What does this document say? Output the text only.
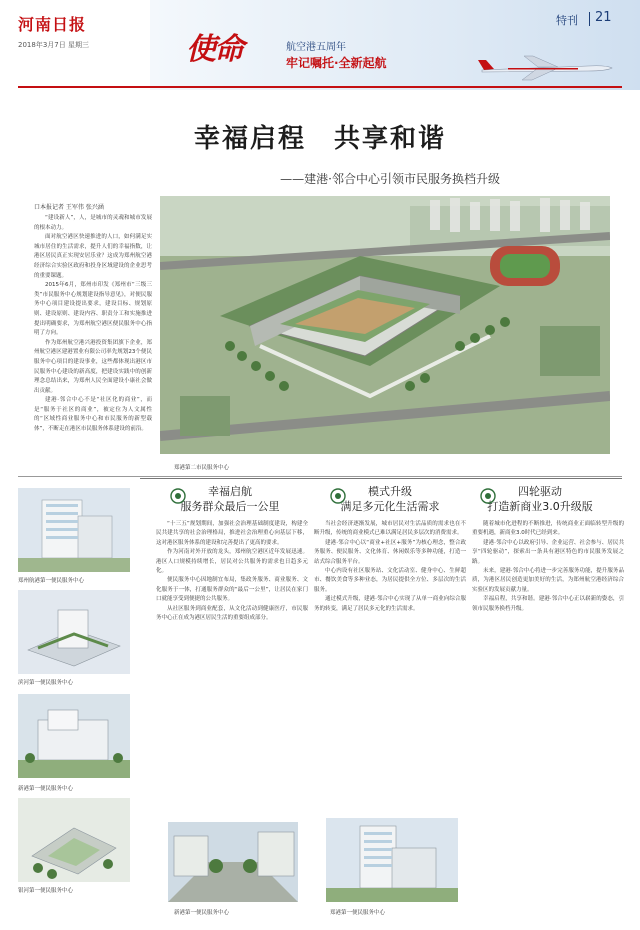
河南日报
2018年3月7日 星期三	使命	航空港五周年
牢记嘱托·全新起航
特刊 21
幸福启程　共享和谐
——建港·邻合中心引领市民服务换档升级
口本报记者 王军伟 张兴涵

“建设新人”，人，是城市的灵魂和城市发展的根本动力。

面对航空港区快速推进的人口，如何满足实城市居住的生活需求，提升人们的幸福指数，让港区居民真正实现安居乐业？这成为郑州航空港经济综合实验区政府和投身区域建设的企业思考的重要课题。

2015年6月，郑州市印发《郑州市“三级三类”市民服务中心规划建设指导意见》，对便民服务中心项目建设提出要求，建设目标、规划原则、建设原则、建设内容、职责分工和实施推进提出明确要求，为郑州航空港区便民服务中心指明了方向。

作为郑州航空港兴港投资集团旗下企业，郑州航空港区建港置业有限公司率先规划23个便民服务中心项目的建设事业，这些都体现出港区市民服务中心建设的新高度，把建设实践中的创新理念总结出来，为郑州人民全面建设小康社会做出贡献。

建港·邻合中心不是“社区化的商业”，而是“服务于社区的商业”，被定位为人文属性的“区域性商业服务中心和市民服务的新型载体”，不断走在港区市民服务体系建设的前沿。

郑港第二市民服务中心
郑州航港第一便民服务中心
滨河第一便民服务中心
新港第一便民服务中心
银河第一便民服务中心
幸福启航
服务群众最后一公里
模式升级
满足多元化生活需求
四轮驱动
打造新商业3.0升级版

“十三五”规划期间，加强社会治理基础制度建设，构建全民共建共享的社会治理格局，推进社会治理重心向基层下移，这对港区服务体系的建设和完善提出了更高的要求。

作为河南对外开放的龙头，郑州航空港区近年发展迅速。港区人口规模持续增长，居民对公共服务的需求也日趋多元化。

便民服务中心因地制宜布局，集政务服务、商业服务、文化服务于一体，打通服务群众的“最后一公里”，让居民在家门口就能享受到便捷的公共服务。

从社区服务到商业配套，从文化活动到健康医疗，市民服务中心正在成为港区居民生活的重要组成部分。

当社会经济逐渐发展，城市居民对生活品质的需求也在不断升级，传统的商业模式已难以满足居民多层次的消费需求。

建港·邻合中心以“商业+社区+服务”为核心理念，整合政务服务、便民服务、文化体育、休闲娱乐等多种功能，打造一站式综合服务平台。

中心内设有社区服务站、文化活动室、健身中心、生鲜超市、餐饮美食等多种业态，为居民提供全方位、多层次的生活服务。

通过模式升级，建港·邻合中心实现了从单一商业向综合服务的转变，满足了居民多元化的生活需求。

随着城市化进程的不断推进，传统商业正面临转型升级的重要机遇，新商业3.0时代已经到来。

建港·邻合中心以政府引导、企业运营、社会参与、居民共享“四轮驱动”，探索出一条具有港区特色的市民服务发展之路。

未来，建港·邻合中心将进一步完善服务功能，提升服务品质，为港区居民创造更加美好的生活，为郑州航空港经济综合实验区的发展贡献力量。

幸福启程，共享和谐。建港·邻合中心正以崭新的姿态，引领市民服务换档升级。

新港第一便民服务中心	郑港第一便民服务中心
